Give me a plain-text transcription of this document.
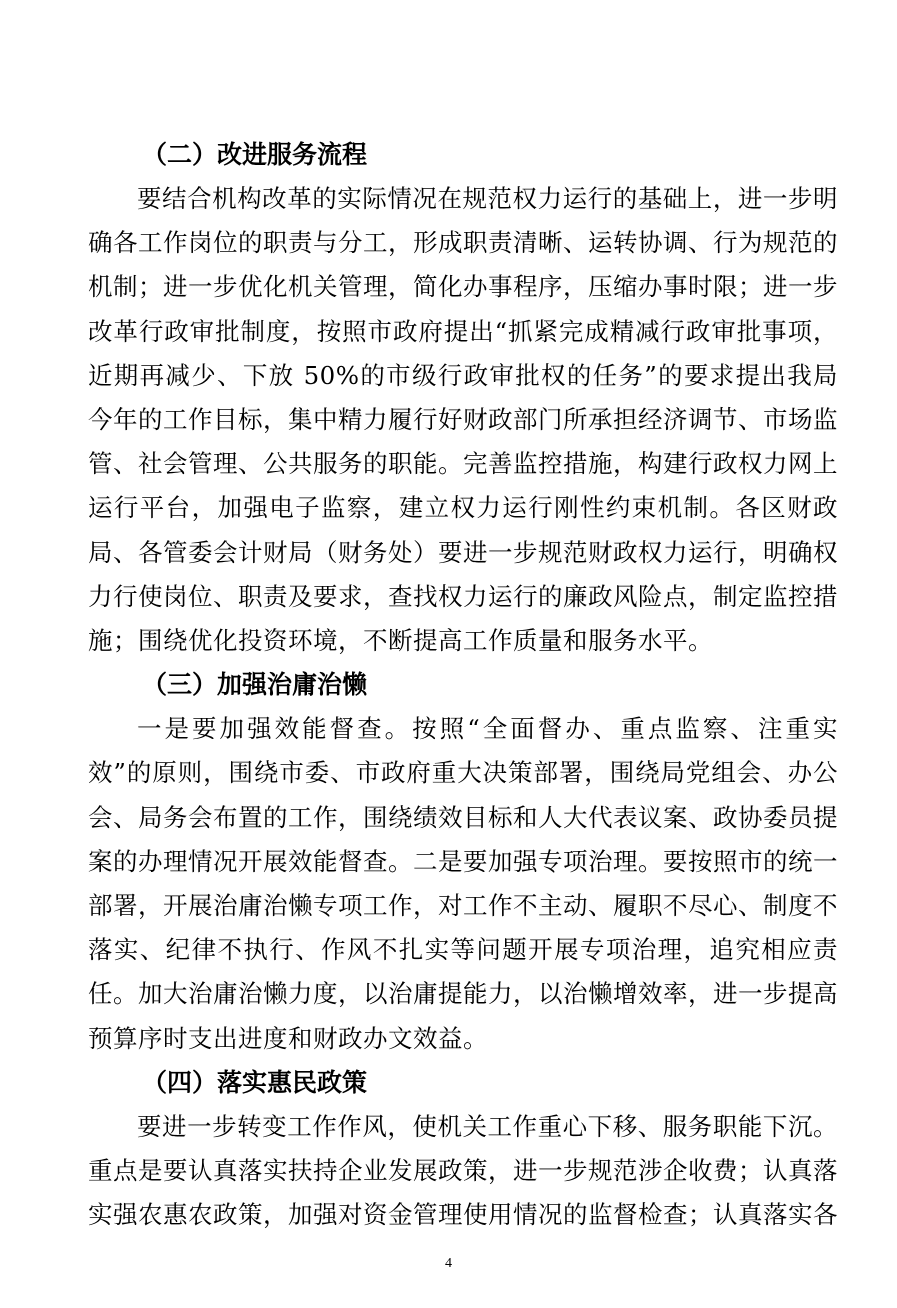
（二）改进服务流程

要结合机构改革的实际情况在规范权力运行的基础上，进一步明确各工作岗位的职责与分工，形成职责清晰、运转协调、行为规范的机制；进一步优化机关管理，简化办事程序，压缩办事时限；进一步改革行政审批制度，按照市政府提出“抓紧完成精减行政审批事项，近期再减少、下放 50%的市级行政审批权的任务”的要求提出我局今年的工作目标，集中精力履行好财政部门所承担经济调节、市场监管、社会管理、公共服务的职能。完善监控措施，构建行政权力网上运行平台，加强电子监察，建立权力运行刚性约束机制。各区财政局、各管委会计财局（财务处）要进一步规范财政权力运行，明确权力行使岗位、职责及要求，查找权力运行的廉政风险点，制定监控措施；围绕优化投资环境，不断提高工作质量和服务水平。

（三）加强治庸治懒

一是要加强效能督查。按照“全面督办、重点监察、注重实效”的原则，围绕市委、市政府重大决策部署，围绕局党组会、办公会、局务会布置的工作，围绕绩效目标和人大代表议案、政协委员提案的办理情况开展效能督查。二是要加强专项治理。要按照市的统一部署，开展治庸治懒专项工作，对工作不主动、履职不尽心、制度不落实、纪律不执行、作风不扎实等问题开展专项治理，追究相应责任。加大治庸治懒力度，以治庸提能力，以治懒增效率，进一步提高预算序时支出进度和财政办文效益。

（四）落实惠民政策

要进一步转变工作作风，使机关工作重心下移、服务职能下沉。重点是要认真落实扶持企业发展政策，进一步规范涉企收费；认真落实强农惠农政策，加强对资金管理使用情况的监督检查；认真落实各

4
